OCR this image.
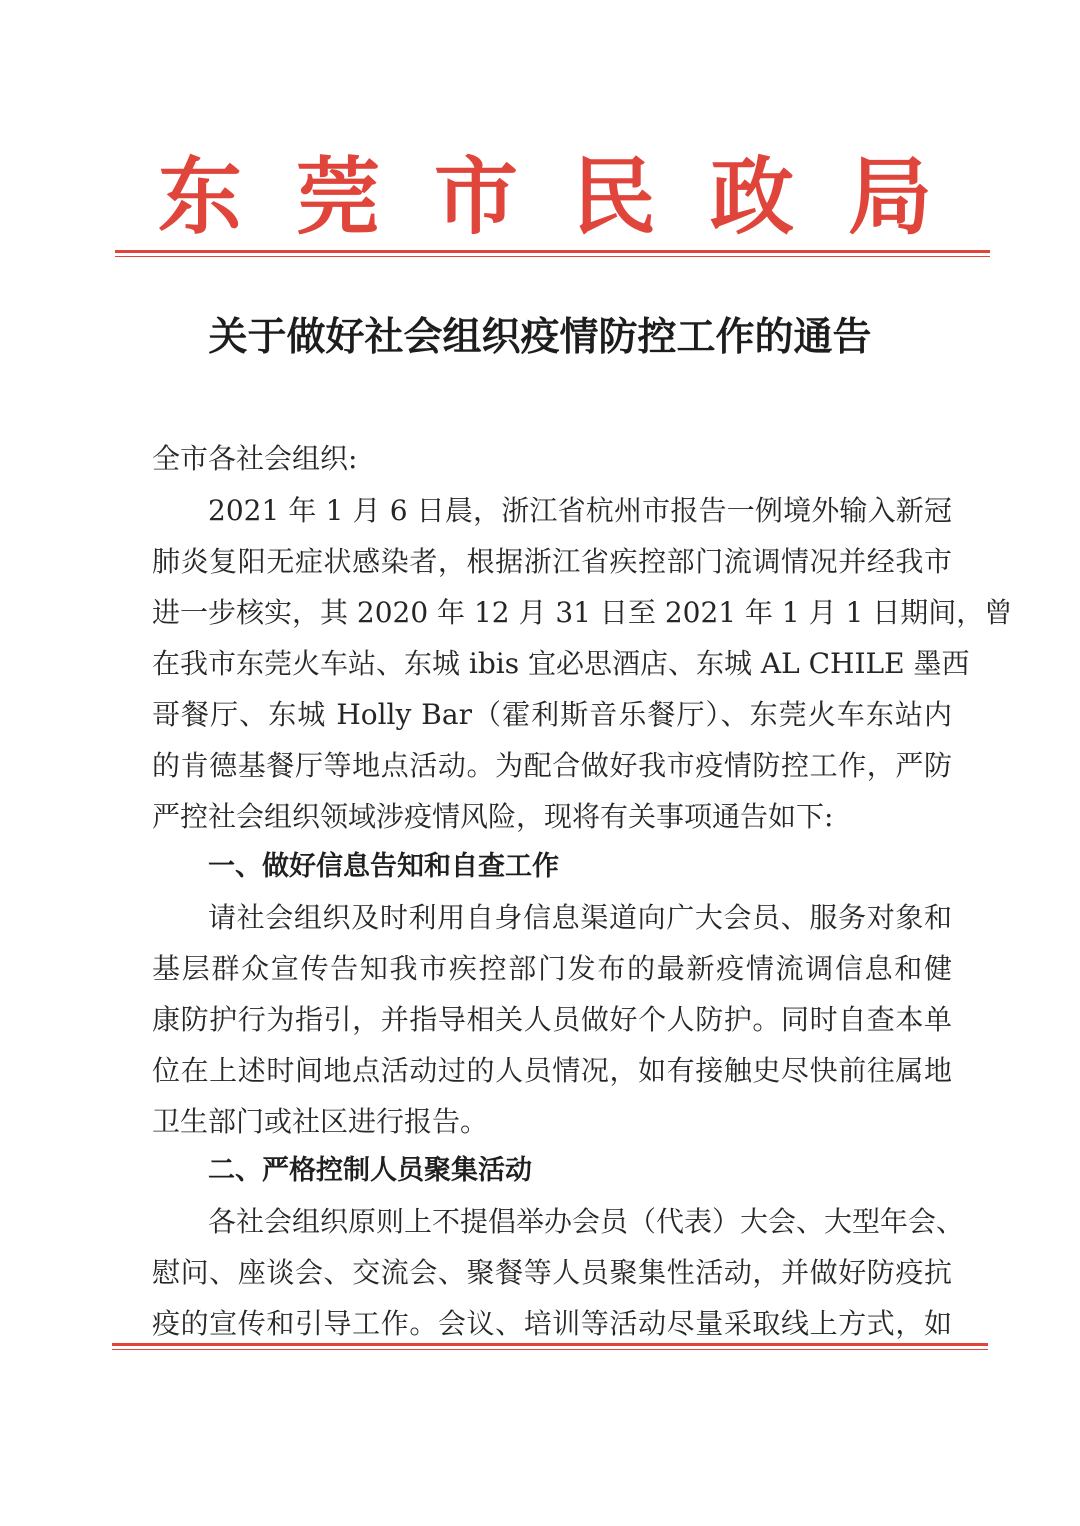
东 莞 市 民 政 局
关于做好社会组织疫情防控工作的通告
全市各社会组织:
2021 年 1 月 6 日晨，浙江省杭州市报告一例境外输入新冠
肺炎复阳无症状感染者，根据浙江省疾控部门流调情况并经我市
进一步核实，其 2020 年 12 月 31 日至 2021 年 1 月 1 日期间，曾
在我市东莞火车站、东城 ibis 宜必思酒店、东城 AL CHILE 墨西
哥餐厅、东城 Holly Bar（霍利斯音乐餐厅）、东莞火车东站内
的肯德基餐厅等地点活动。为配合做好我市疫情防控工作，严防
严控社会组织领域涉疫情风险，现将有关事项通告如下:
一、做好信息告知和自查工作
请社会组织及时利用自身信息渠道向广大会员、服务对象和
基层群众宣传告知我市疾控部门发布的最新疫情流调信息和健
康防护行为指引，并指导相关人员做好个人防护。同时自查本单
位在上述时间地点活动过的人员情况，如有接触史尽快前往属地
卫生部门或社区进行报告。
二、严格控制人员聚集活动
各社会组织原则上不提倡举办会员（代表）大会、大型年会、
慰问、座谈会、交流会、聚餐等人员聚集性活动，并做好防疫抗
疫的宣传和引导工作。会议、培训等活动尽量采取线上方式，如
